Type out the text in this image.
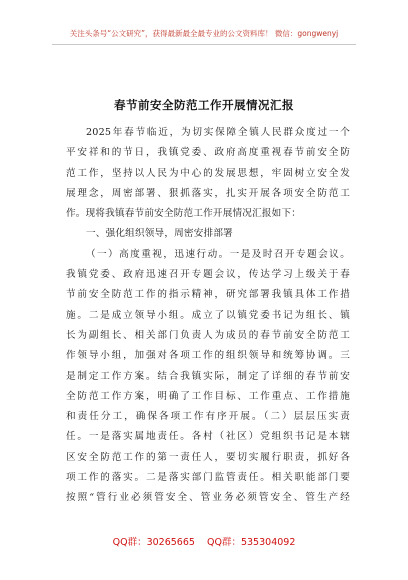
关注头条号“公文研究”，获得最新最全最专业的公文资料库！ 微信：gongwenyj
春节前安全防范工作开展情况汇报
2025年春节临近，为切实保障全镇人民群众度过一个
平安祥和的节日，我镇党委、政府高度重视春节前安全防
范工作，坚持以人民为中心的发展思想，牢固树立安全发
展理念，周密部署、狠抓落实，扎实开展各项安全防范工
作。现将我镇春节前安全防范工作开展情况汇报如下：
一、强化组织领导，周密安排部署
（一）高度重视，迅速行动。一是及时召开专题会议。
我镇党委、政府迅速召开专题会议，传达学习上级关于春
节前安全防范工作的指示精神，研究部署我镇具体工作措
施。二是成立领导小组。成立了以镇党委书记为组长、镇
长为副组长、相关部门负责人为成员的春节前安全防范工
作领导小组，加强对各项工作的组织领导和统筹协调。三
是制定工作方案。结合我镇实际，制定了详细的春节前安
全防范工作方案，明确了工作目标、工作重点、工作措施
和责任分工，确保各项工作有序开展。（二）层层压实责
任。一是落实属地责任。各村（社区）党组织书记是本辖
区安全防范工作的第一责任人，要切实履行职责，抓好各
项工作的落实。二是落实部门监管责任。相关职能部门要
按照“管行业必须管安全、管业务必须管安全、管生产经
QQ群：30265665    QQ群：535304092
